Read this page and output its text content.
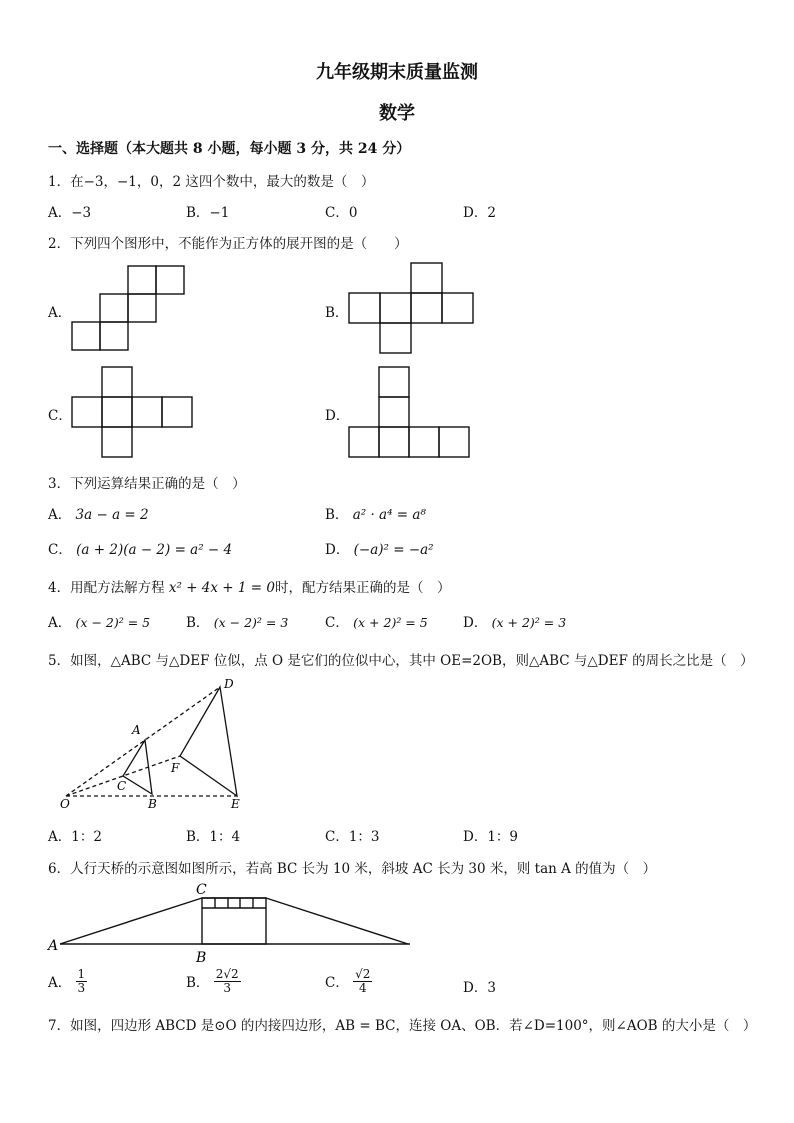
九年级期末质量监测
数学
一、选择题（本大题共 8 小题，每小题 3 分，共 24 分）
1．在−3，−1，0，2 这四个数中，最大的数是（　）
A．−3	B．−1	C．0	D．2
2．下列四个图形中，不能作为正方体的展开图的是（　　）
A．	B．
C．	D．
3．下列运算结果正确的是（　）
A． 3a − a = 2	B． a² · a⁴ = a⁸
C． (a + 2)(a − 2) = a² − 4	D． (−a)² = −a²
4．用配方法解方程 x² + 4x + 1 = 0时，配方结果正确的是（　）
A． (x − 2)² = 5	B． (x − 2)² = 3	C． (x + 2)² = 5	D． (x + 2)² = 3
5．如图，△ABC 与△DEF 位似，点 O 是它们的位似中心，其中 OE=2OB，则△ABC 与△DEF 的周长之比是（　）
D
A
F
C
O	B	E
A．1：2	B．1：4	C．1：3	D．1：9
6．人行天桥的示意图如图所示，若高 BC 长为 10 米，斜坡 AC 长为 30 米，则 tan A 的值为（　）
C
A
B
A． $\frac{1}{3}$	B． $\frac{2√2}{3}$	C． $\frac{√2}{4}$	D．3
7．如图，四边形 ABCD 是⊙O 的内接四边形，AB = BC，连接 OA、OB．若∠D=100°，则∠AOB 的大小是（　）
